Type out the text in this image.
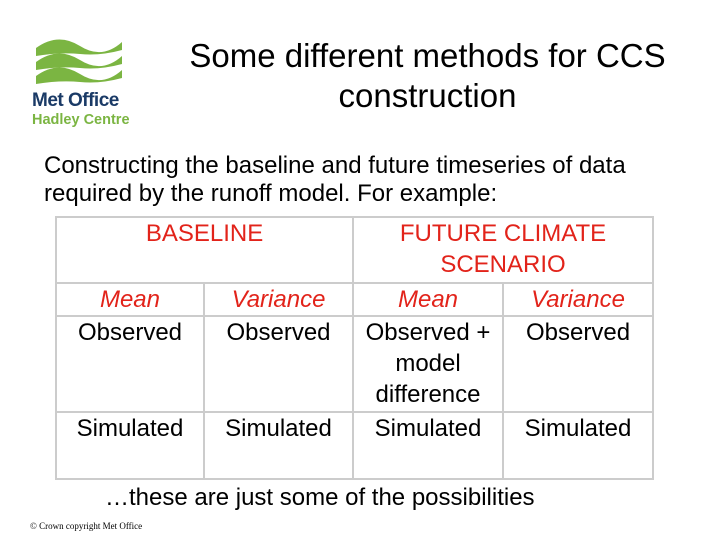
Met Office
Hadley Centre
Some different methods for CCS
construction
Constructing the baseline and future timeseries of data required by the runoff model. For example:
BASELINE		FUTURE CLIMATE SCENARIO	
Mean	Variance	Mean	Variance
Observed	Observed	Observed + model difference	Observed
Simulated	Simulated	Simulated	Simulated
…these are just some of the possibilities
© Crown copyright Met Office
